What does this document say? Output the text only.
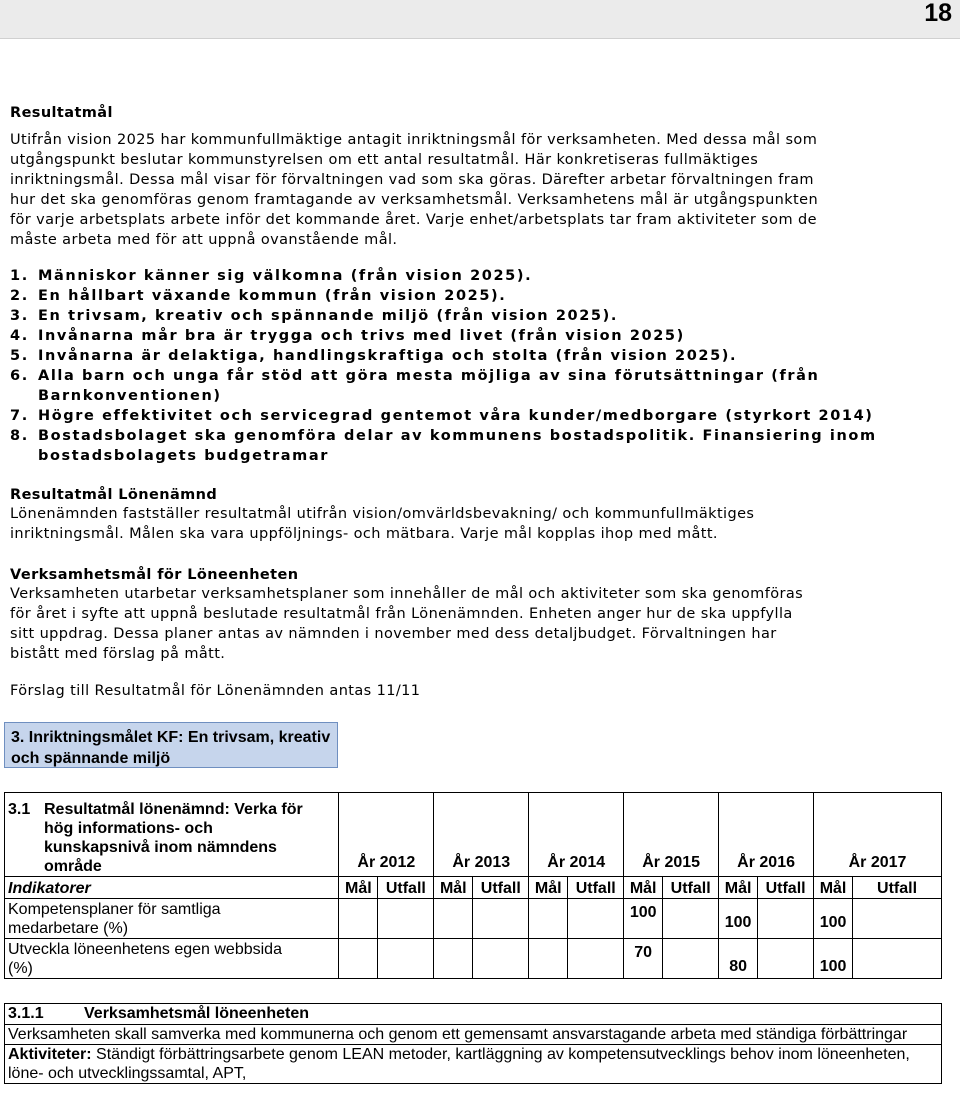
18
Resultatmål
Utifrån vision 2025 har kommunfullmäktige antagit inriktningsmål för verksamheten. Med dessa mål som
utgångspunkt beslutar kommunstyrelsen om ett antal resultatmål. Här konkretiseras fullmäktiges
inriktningsmål. Dessa mål visar för förvaltningen vad som ska göras. Därefter arbetar förvaltningen fram
hur det ska genomföras genom framtagande av verksamhetsmål. Verksamhetens mål är utgångspunkten
för varje arbetsplats arbete inför det kommande året. Varje enhet/arbetsplats tar fram aktiviteter som de
måste arbeta med för att uppnå ovanstående mål.
1. Människor känner sig välkomna (från vision 2025).
2. En hållbart växande kommun (från vision 2025).
3. En trivsam, kreativ och spännande miljö (från vision 2025).
4. Invånarna mår bra är trygga och trivs med livet (från vision 2025)
5. Invånarna är delaktiga, handlingskraftiga och stolta (från vision 2025).
6. Alla barn och unga får stöd att göra mesta möjliga av sina förutsättningar (från Barnkonventionen)
7. Högre effektivitet och servicegrad gentemot våra kunder/medborgare (styrkort 2014)
8. Bostadsbolaget ska genomföra delar av kommunens bostadspolitik. Finansiering inom bostadsbolagets budgetramar
Resultatmål Lönenämnd
Lönenämnden fastställer resultatmål utifrån vision/omvärldsbevakning/ och kommunfullmäktiges
inriktningsmål. Målen ska vara uppföljnings- och mätbara. Varje mål kopplas ihop med mått.
Verksamhetsmål för Löneenheten
Verksamheten utarbetar verksamhetsplaner som innehåller de mål och aktiviteter som ska genomföras
för året i syfte att uppnå beslutade resultatmål från Lönenämnden. Enheten anger hur de ska uppfylla
sitt uppdrag. Dessa planer antas av nämnden i november med dess detaljbudget. Förvaltningen har
bistått med förslag på mått.
Förslag till Resultatmål för Lönenämnden antas 11/11
3. Inriktningsmålet KF: En trivsam, kreativ och spännande miljö
3.1 Resultatmål lönenämnd: Verka för
hög informations- och
kunskapsnivå inom nämndens
område	År 2012		År 2013		År 2014		År 2015		År 2016		År 2017	
Indikatorer	Mål	Utfall	Mål	Utfall	Mål	Utfall	Mål	Utfall	Mål	Utfall	Mål	Utfall

Kompetensplaner för samtliga
medarbetare (%)							100		100		100	

Utveckla löneenhetens egen webbsida
(%)							70		80		100	
3.1.1	Verksamhetsmål löneenheten
Verksamheten skall samverka med kommunerna och genom ett gemensamt ansvarstagande arbeta med ständiga förbättringar
Aktiviteter: Ständigt förbättringsarbete genom LEAN metoder, kartläggning av kompetensutvecklings behov inom löneenheten, löne- och utvecklingssamtal, APT,
